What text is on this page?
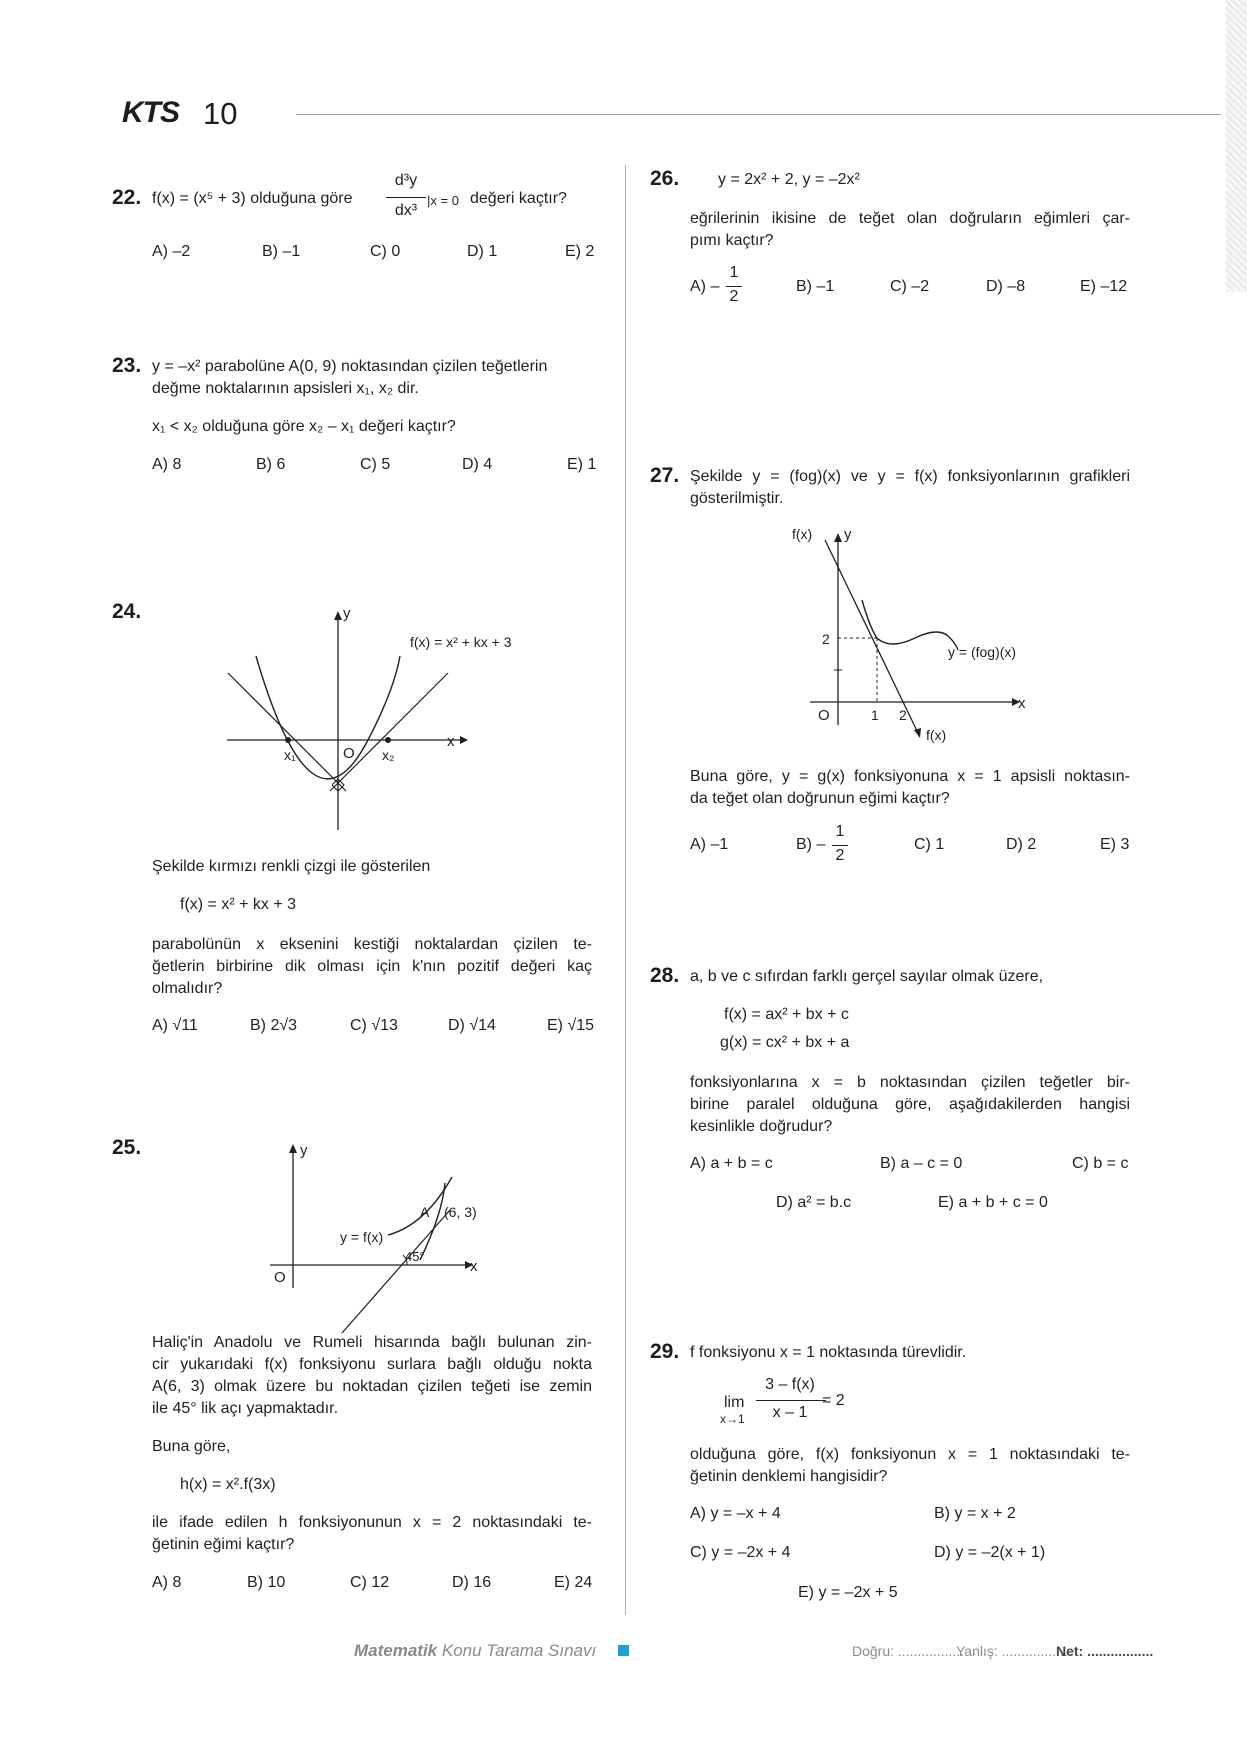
KTS 10
22. f(x) = (x⁵ + 3) olduğuna göre
d³y
dx³
|x = 0 değeri kaçtır?
A) –2	B) –1	C) 0	D) 1	E) 2
23. y = –x² parabolüne A(0, 9) noktasından çizilen teğetlerin
değme noktalarının apsisleri x₁, x₂ dir.
x₁ < x₂ olduğuna göre x₂ – x₁ değeri kaçtır?
A) 8	B) 6	C) 5	D) 4	E) 1
24.	y
x
f(x) = x² + kx + 3
x₁	O x₂
Şekilde kırmızı renkli çizgi ile gösterilen
f(x) = x² + kx + 3
parabolünün x eksenini kestiği noktalardan çizilen te-
ğetlerin birbirine dik olması için k'nın pozitif değeri kaç
olmalıdır?
A) √11	B) 2√3	C) √13	D) √14	E) √15
25.	y
x
y = f(x)
A (6, 3)
45°
O
Haliç'in Anadolu ve Rumeli hisarında bağlı bulunan zin-
cir yukarıdaki f(x) fonksiyonu surlara bağlı olduğu nokta
A(6, 3) olmak üzere bu noktadan çizilen teğeti ise zemin
ile 45° lik açı yapmaktadır.
Buna göre,
h(x) = x².f(3x)
ile ifade edilen h fonksiyonunun x = 2 noktasındaki te-
ğetinin eğimi kaçtır?
A) 8	B) 10	C) 12	D) 16	E) 24
26. y = 2x² + 2, y = –2x²
eğrilerinin ikisine de teğet olan doğruların eğimleri çar-
pımı kaçtır?
A) –
1
2
B) –1	C) –2	D) –8	E) –12
27. Şekilde y = (fog)(x) ve y = f(x) fonksiyonlarının grafikleri
gösterilmiştir.
f(x) y
x
y = (fog)(x)
f(x)
2
1 2
O
Buna göre, y = g(x) fonksiyonuna x = 1 apsisli noktasın-
da teğet olan doğrunun eğimi kaçtır?
A) –1	B) –
1
2
C) 1	D) 2	E) 3
28. a, b ve c sıfırdan farklı gerçel sayılar olmak üzere,
f(x) = ax² + bx + c
g(x) = cx² + bx + a
fonksiyonlarına x = b noktasından çizilen teğetler bir-
birine paralel olduğuna göre, aşağıdakilerden hangisi
kesinlikle doğrudur?
A) a + b = c	B) a – c = 0	C) b = c
D) a² = b.c	E) a + b + c = 0
29. f fonksiyonu x = 1 noktasında türevlidir.
lim
x→1
3 – f(x)
x – 1
= 2
olduğuna göre, f(x) fonksiyonun x = 1 noktasındaki te-
ğetinin denklemi hangisidir?
A) y = –x + 4	B) y = x + 2
C) y = –2x + 4	D) y = –2(x + 1)
E) y = –2x + 5
Matematik Konu Tarama Sınavı	Doğru: .................
Yanlış: .................
Net: .................
